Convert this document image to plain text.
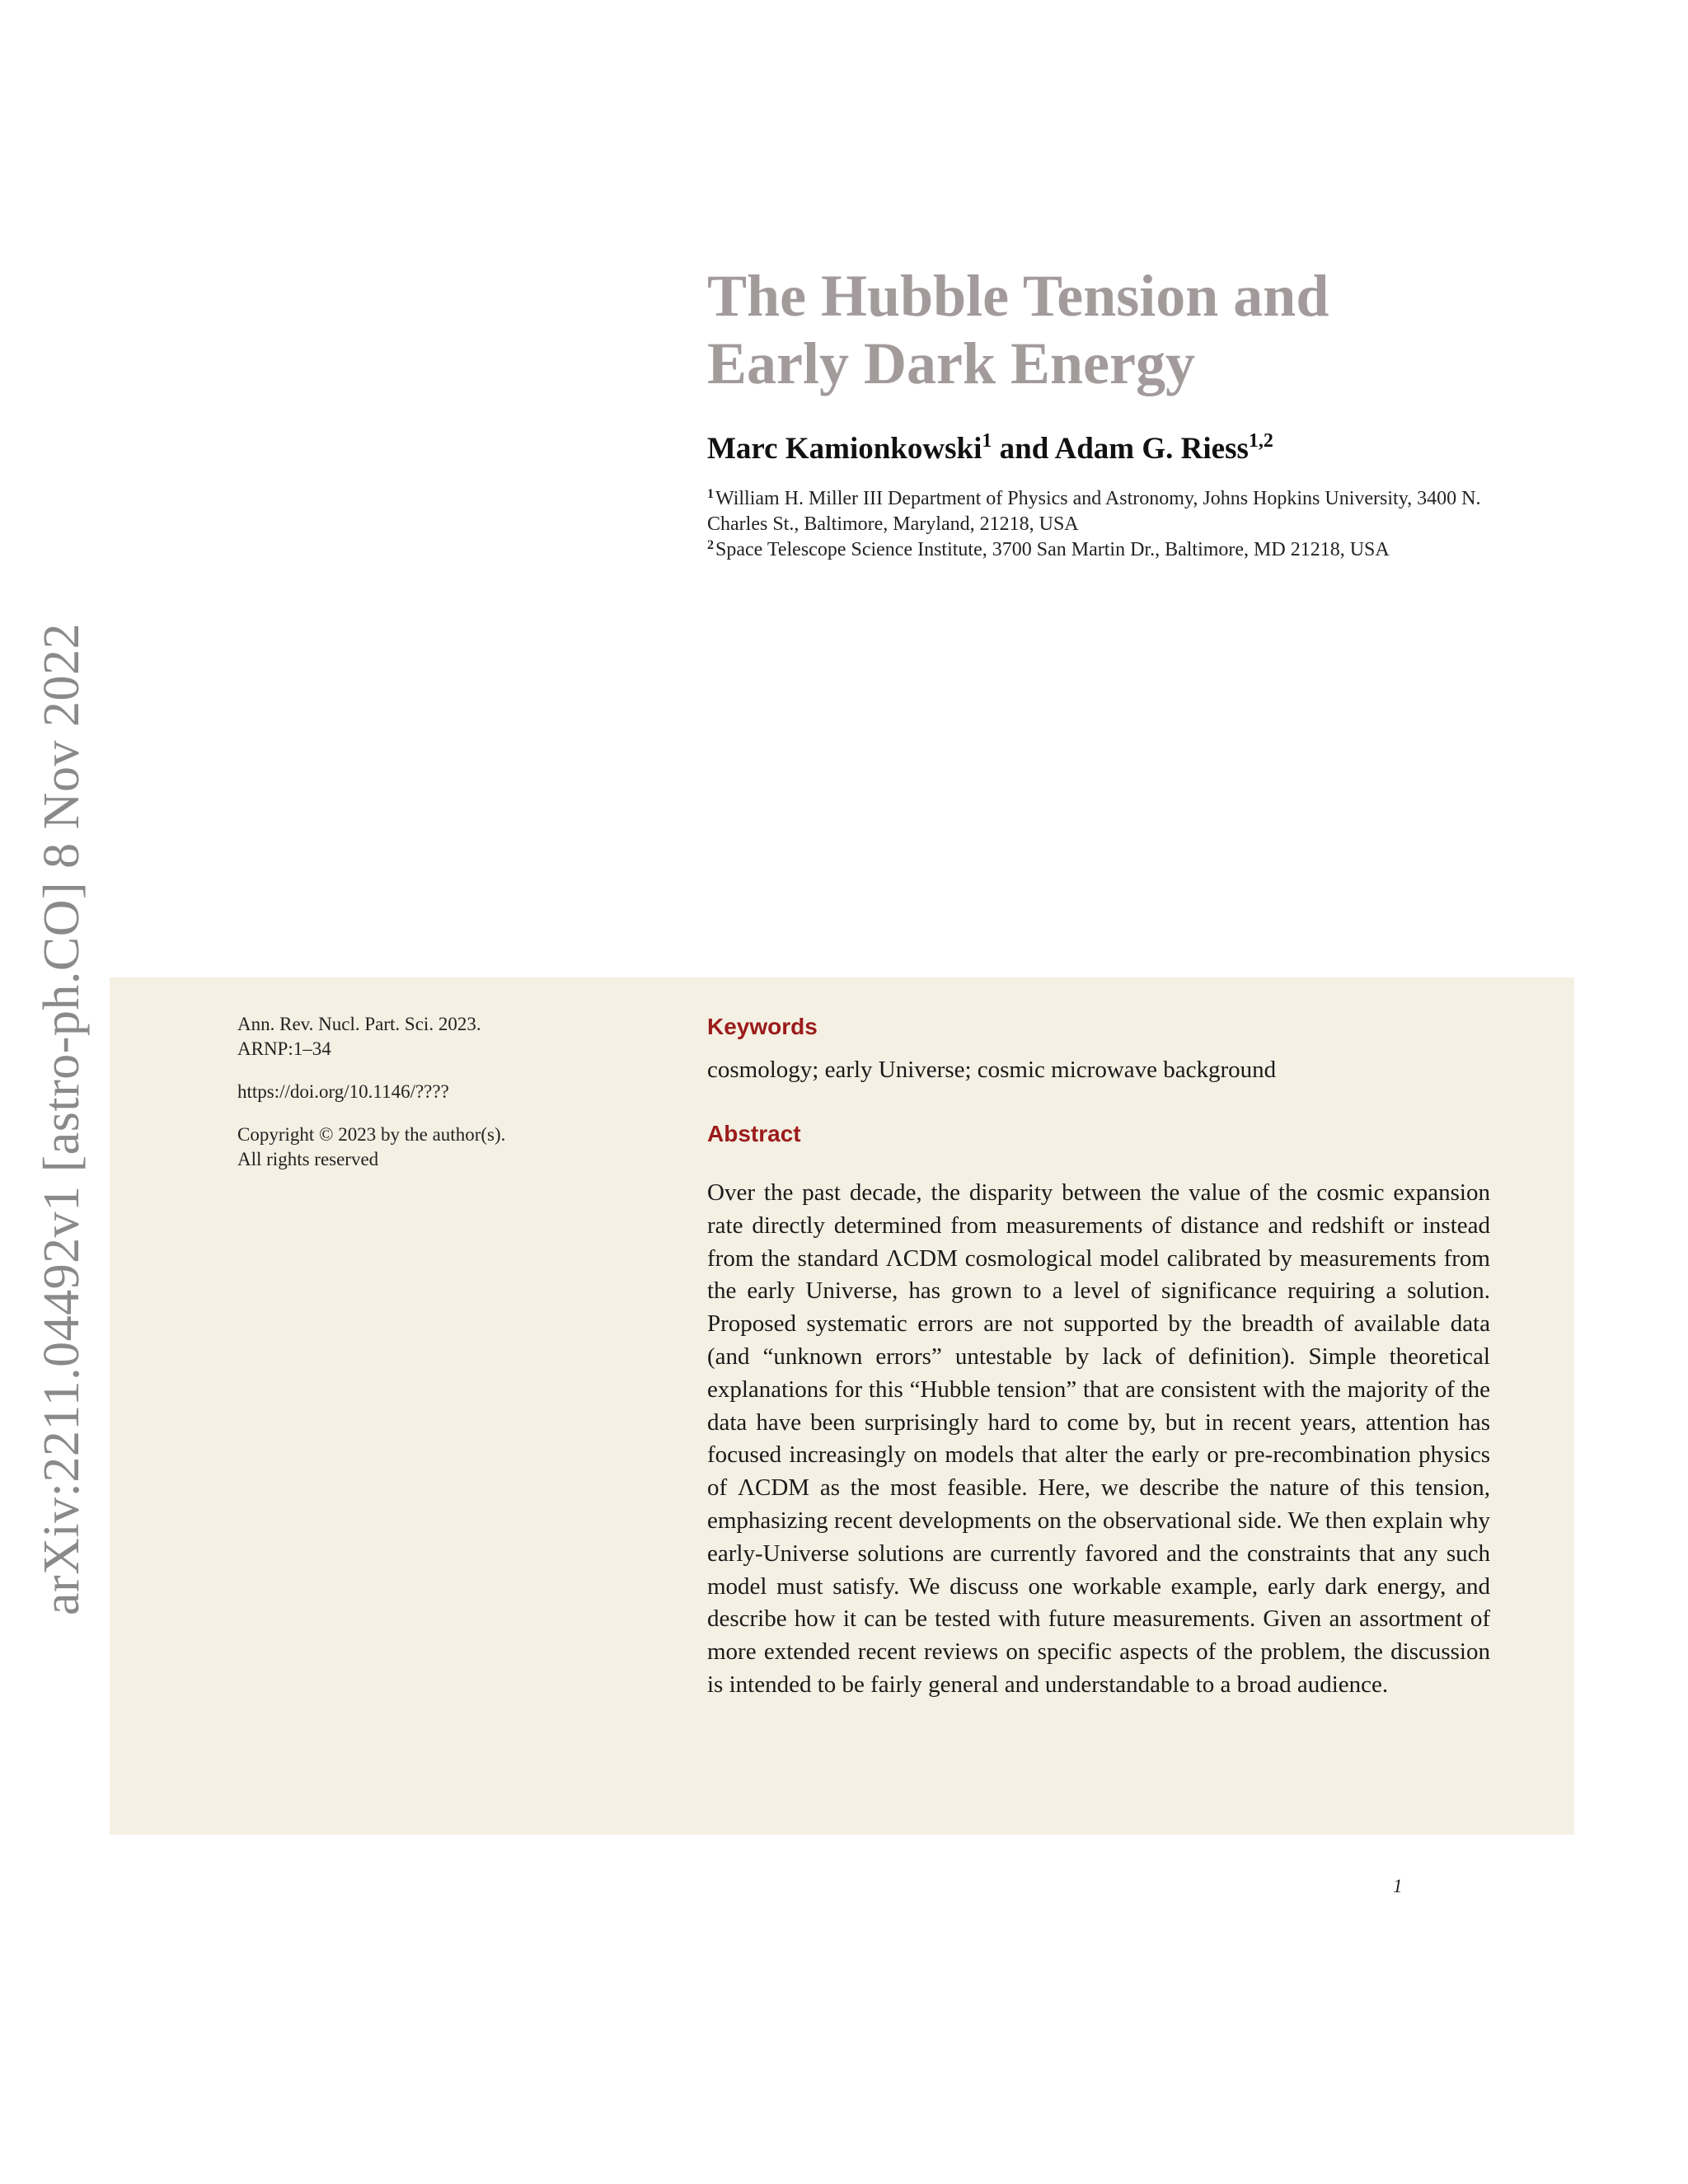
arXiv:2211.04492v1 [astro-ph.CO] 8 Nov 2022
The Hubble Tension and
Early Dark Energy
Marc Kamionkowski$^1$ and Adam G. Riess$^{1,2}$
$^1$William H. Miller III Department of Physics and Astronomy, Johns Hopkins University, 3400 N. Charles St., Baltimore, Maryland, 21218, USA
$^2$Space Telescope Science Institute, 3700 San Martin Dr., Baltimore, MD 21218, USA
Ann. Rev. Nucl. Part. Sci. 2023.
ARNP:1–34
https://doi.org/10.1146/????
Copyright © 2023 by the author(s).
All rights reserved
Keywords
cosmology; early Universe; cosmic microwave background
Abstract

Over the past decade, the disparity between the value of the cosmic expansion rate directly determined from measurements of distance and redshift or instead from the standard ΛCDM cosmological model calibrated by measurements from the early Universe, has grown to a level of significance requiring a solution. Proposed systematic errors are not supported by the breadth of available data (and “unknown errors” untestable by lack of definition). Simple theoretical explanations for this “Hubble tension” that are consistent with the majority of the data have been surprisingly hard to come by, but in recent years, attention has focused increasingly on models that alter the early or pre-recombination physics of ΛCDM as the most feasible. Here, we describe the nature of this tension, emphasizing recent developments on the observational side. We then explain why early-Universe solutions are currently favored and the constraints that any such model must satisfy. We discuss one workable example, early dark energy, and describe how it can be tested with future measurements. Given an assortment of more extended recent reviews on specific aspects of the problem, the discussion is intended to be fairly general and understandable to a broad audience.

1
